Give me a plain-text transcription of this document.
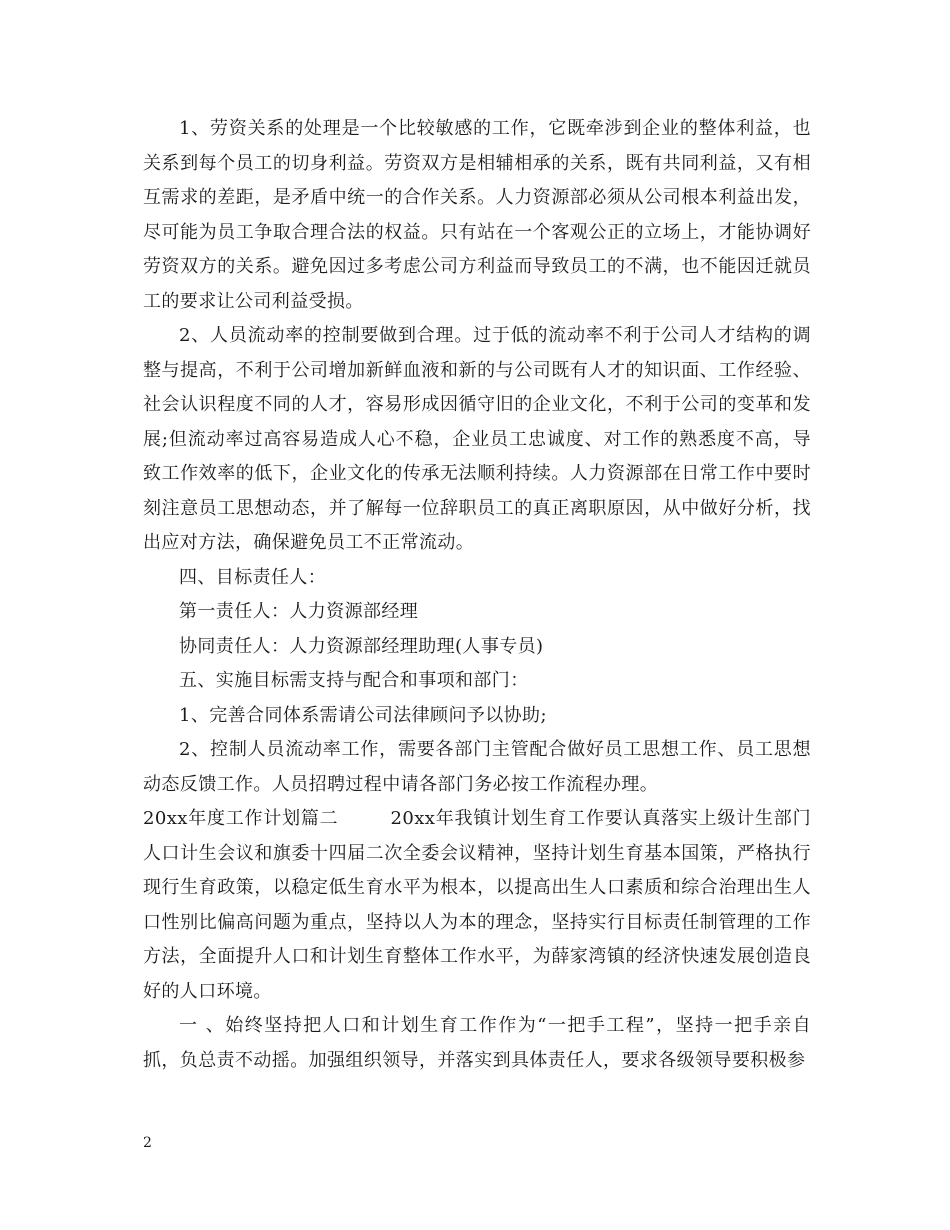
1、劳资关系的处理是一个比较敏感的工作，它既牵涉到企业的整体利益，也关系到每个员工的切身利益。劳资双方是相辅相承的关系，既有共同利益，又有相互需求的差距，是矛盾中统一的合作关系。人力资源部必须从公司根本利益出发，尽可能为员工争取合理合法的权益。只有站在一个客观公正的立场上，才能协调好劳资双方的关系。避免因过多考虑公司方利益而导致员工的不满，也不能因迁就员工的要求让公司利益受损。

2、人员流动率的控制要做到合理。过于低的流动率不利于公司人才结构的调整与提高，不利于公司增加新鲜血液和新的与公司既有人才的知识面、工作经验、社会认识程度不同的人才，容易形成因循守旧的企业文化，不利于公司的变革和发展;但流动率过高容易造成人心不稳，企业员工忠诚度、对工作的熟悉度不高，导致工作效率的低下，企业文化的传承无法顺利持续。人力资源部在日常工作中要时刻注意员工思想动态，并了解每一位辞职员工的真正离职原因，从中做好分析，找出应对方法，确保避免员工不正常流动。

四、目标责任人：

第一责任人：人力资源部经理

协同责任人：人力资源部经理助理(人事专员)

五、实施目标需支持与配合和事项和部门：

1、完善合同体系需请公司法律顾问予以协助;

2、控制人员流动率工作，需要各部门主管配合做好员工思想工作、员工思想动态反馈工作。人员招聘过程中请各部门务必按工作流程办理。

20xx年度工作计划篇二        20xx年我镇计划生育工作要认真落实上级计生部门人口计生会议和旗委十四届二次全委会议精神，坚持计划生育基本国策，严格执行现行生育政策，以稳定低生育水平为根本，以提高出生人口素质和综合治理出生人口性别比偏高问题为重点，坚持以人为本的理念，坚持实行目标责任制管理的工作方法，全面提升人口和计划生育整体工作水平，为薛家湾镇的经济快速发展创造良好的人口环境。

一 、始终坚持把人口和计划生育工作作为“一把手工程”，坚持一把手亲自抓，负总责不动摇。加强组织领导，并落实到具体责任人，要求各级领导要积极参

2
